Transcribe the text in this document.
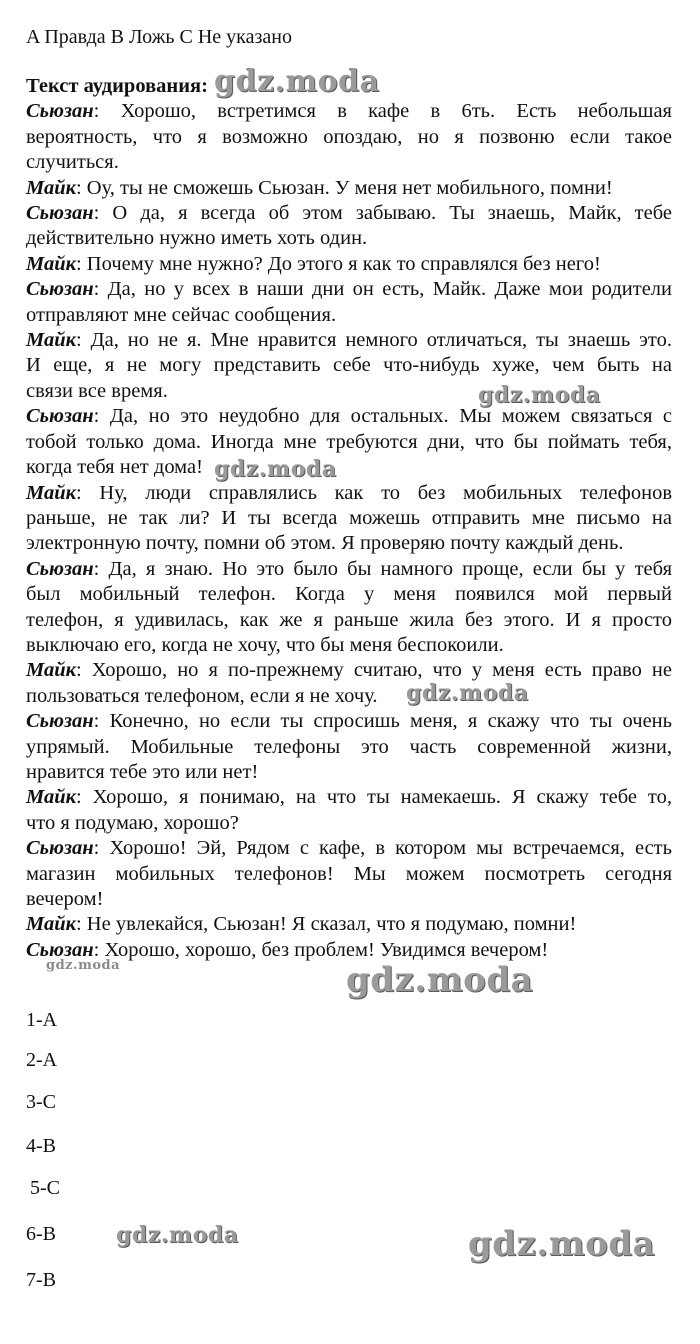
A Правда B Ложь C Не указано

Текст аудирования:

Сьюзан: Хорошо, встретимся в кафе в 6ть. Есть небольшая

вероятность, что я возможно опоздаю, но я позвоню если такое

случиться.

Майк: Оу, ты не сможешь Сьюзан. У меня нет мобильного, помни!

Сьюзан: О да, я всегда об этом забываю. Ты знаешь, Майк, тебе

действительно нужно иметь хоть один.

Майк: Почему мне нужно? До этого я как то справлялся без него!

Сьюзан: Да, но у всех в наши дни он есть, Майк. Даже мои родители

отправляют мне сейчас сообщения.

Майк: Да, но не я. Мне нравится немного отличаться, ты знаешь это.

И еще, я не могу представить себе что-нибудь хуже, чем быть на

связи все время.

Сьюзан: Да, но это неудобно для остальных. Мы можем связаться с

тобой только дома. Иногда мне требуются дни, что бы поймать тебя,

когда тебя нет дома!

Майк: Ну, люди справлялись как то без мобильных телефонов

раньше, не так ли? И ты всегда можешь отправить мне письмо на

электронную почту, помни об этом. Я проверяю почту каждый день.

Сьюзан: Да, я знаю. Но это было бы намного проще, если бы у тебя

был мобильный телефон. Когда у меня появился мой первый

телефон, я удивилась, как же я раньше жила без этого. И я просто

выключаю его, когда не хочу, что бы меня беспокоили.

Майк: Хорошо, но я по-прежнему считаю, что у меня есть право не

пользоваться телефоном, если я не хочу.

Сьюзан: Конечно, но если ты спросишь меня, я скажу что ты очень

упрямый. Мобильные телефоны это часть современной жизни,

нравится тебе это или нет!

Майк: Хорошо, я понимаю, на что ты намекаешь. Я скажу тебе то,

что я подумаю, хорошо?

Сьюзан: Хорошо! Эй, Рядом с кафе, в котором мы встречаемся, есть

магазин мобильных телефонов! Мы можем посмотреть сегодня

вечером!

Майк: Не увлекайся, Сьюзан! Я сказал, что я подумаю, помни!

Сьюзан: Хорошо, хорошо, без проблем! Увидимся вечером!

1-A
2-A
3-C
4-B
5-C
6-B
7-B
gdz.moda
gdz.moda
gdz.moda
gdz.moda
gdz.moda	gdz.moda
gdz.moda	gdz.moda
